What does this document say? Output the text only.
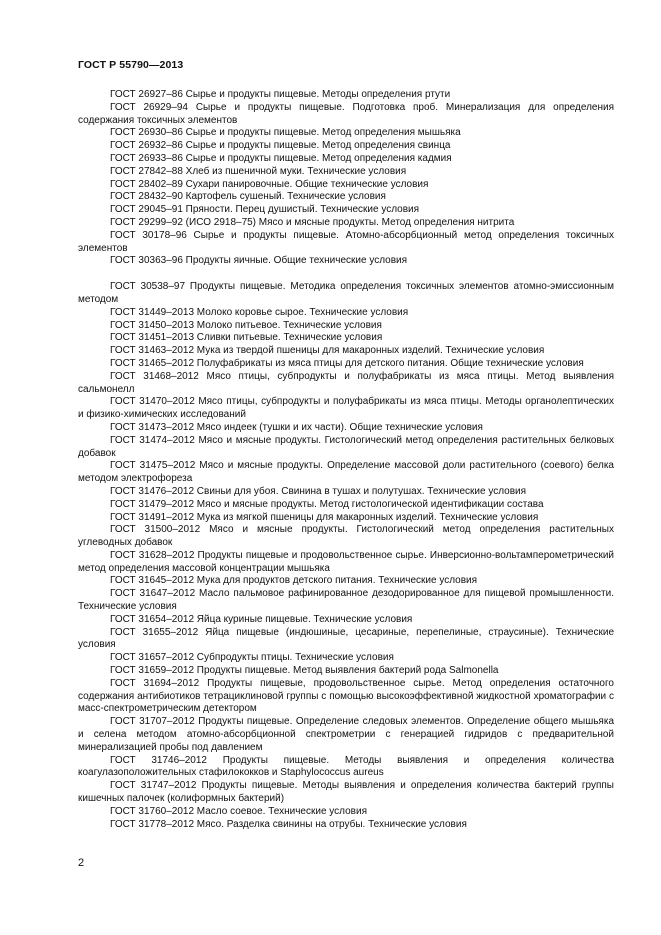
ГОСТ Р 55790—2013

ГОСТ 26927–86 Сырье и продукты пищевые. Методы определения ртути

ГОСТ 26929–94 Сырье и продукты пищевые. Подготовка проб. Минерализация для определения содержания токсичных элементов

ГОСТ 26930–86 Сырье и продукты пищевые. Метод определения мышьяка

ГОСТ 26932–86 Сырье и продукты пищевые. Метод определения свинца

ГОСТ 26933–86 Сырье и продукты пищевые. Метод определения кадмия

ГОСТ 27842–88 Хлеб из пшеничной муки. Технические условия

ГОСТ 28402–89 Сухари панировочные. Общие технические условия

ГОСТ 28432–90 Картофель сушеный. Технические условия

ГОСТ 29045–91 Пряности. Перец душистый. Технические условия

ГОСТ 29299–92 (ИСО 2918–75) Мясо и мясные продукты. Метод определения нитрита

ГОСТ 30178–96 Сырье и продукты пищевые. Атомно-абсорбционный метод определения токсичных элементов

ГОСТ 30363–96 Продукты яичные. Общие технические условия

ГОСТ 30538–97 Продукты пищевые. Методика определения токсичных элементов атомно-эмиссионным методом

ГОСТ 31449–2013 Молоко коровье сырое. Технические условия

ГОСТ 31450–2013 Молоко питьевое. Технические условия

ГОСТ 31451–2013 Сливки питьевые. Технические условия

ГОСТ 31463–2012 Мука из твердой пшеницы для макаронных изделий. Технические условия

ГОСТ 31465–2012 Полуфабрикаты из мяса птицы для детского питания. Общие технические условия

ГОСТ 31468–2012 Мясо птицы, субпродукты и полуфабрикаты из мяса птицы. Метод выявления сальмонелл

ГОСТ 31470–2012 Мясо птицы, субпродукты и полуфабрикаты из мяса птицы. Методы органолептических и физико-химических исследований

ГОСТ 31473–2012 Мясо индеек (тушки и их части). Общие технические условия

ГОСТ 31474–2012 Мясо и мясные продукты. Гистологический метод определения растительных белковых добавок

ГОСТ 31475–2012 Мясо и мясные продукты. Определение массовой доли растительного (соевого) белка методом электрофореза

ГОСТ 31476–2012 Свиньи для убоя. Свинина в тушах и полутушах. Технические условия

ГОСТ 31479–2012 Мясо и мясные продукты. Метод гистологической идентификации состава

ГОСТ 31491–2012 Мука из мягкой пшеницы для макаронных изделий. Технические условия

ГОСТ 31500–2012 Мясо и мясные продукты. Гистологический метод определения растительных углеводных добавок

ГОСТ 31628–2012 Продукты пищевые и продовольственное сырье. Инверсионно-вольтамперометрический метод определения массовой концентрации мышьяка

ГОСТ 31645–2012 Мука для продуктов детского питания. Технические условия

ГОСТ 31647–2012 Масло пальмовое рафинированное дезодорированное для пищевой промышленности. Технические условия

ГОСТ 31654–2012 Яйца куриные пищевые. Технические условия

ГОСТ 31655–2012 Яйца пищевые (индюшиные, цесариные, перепелиные, страусиные). Технические условия

ГОСТ 31657–2012 Субпродукты птицы. Технические условия

ГОСТ 31659–2012 Продукты пищевые. Метод выявления бактерий рода Salmonella

ГОСТ 31694–2012 Продукты пищевые, продовольственное сырье. Метод определения остаточного содержания антибиотиков тетрациклиновой группы с помощью высокоэффективной жидкостной хроматографии с масс-спектрометрическим детектором

ГОСТ 31707–2012 Продукты пищевые. Определение следовых элементов. Определение общего мышьяка и селена методом атомно-абсорбционной спектрометрии с генерацией гидридов с предварительной минерализацией пробы под давлением

ГОСТ 31746–2012 Продукты пищевые. Методы выявления и определения количества коагулазоположительных стафилококков и Staphylococcus aureus

ГОСТ 31747–2012 Продукты пищевые. Методы выявления и определения количества бактерий группы кишечных палочек (колиформных бактерий)

ГОСТ 31760–2012 Масло соевое. Технические условия

ГОСТ 31778–2012 Мясо. Разделка свинины на отрубы. Технические условия

2
